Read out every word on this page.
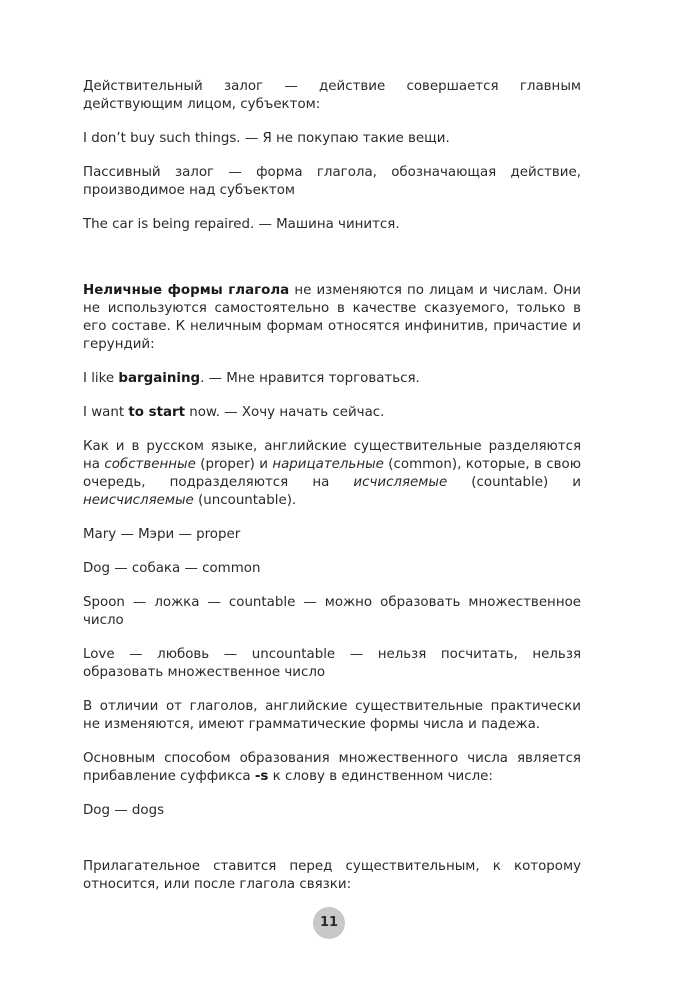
Действительный залог — действие совершается главным действующим лицом, субъектом:

I don’t buy such things. — Я не покупаю такие вещи.

Пассивный залог — форма глагола, обозначающая действие, производимое над субъектом

The car is being repaired. — Машина чинится.

Неличные формы глагола не изменяются по лицам и числам. Они не используются самостоятельно в качестве сказуемого, только в его составе. К неличным формам относятся инфинитив, причастие и герундий:

I like bargaining. — Мне нравится торговаться.

I want to start now. — Хочу начать сейчас.

Как и в русском языке, английские существительные разделяются на собственные (proper) и нарицательные (common), которые, в свою очередь, подразделяются на исчисляемые (countable) и неисчисляемые (uncountable).

Mary — Мэри — proper

Dog — собака — common

Spoon — ложка — countable — можно образовать множественное число

Love — любовь — uncountable — нельзя посчитать, нельзя образовать множественное число

В отличии от глаголов, английские существительные практически не изменяются, имеют грамматические формы числа и падежа.

Основным способом образования множественного числа является прибавление суффикса -s к слову в единственном числе:

Dog — dogs

Прилагательное ставится перед существительным, к которому относится, или после глагола связки:

11
